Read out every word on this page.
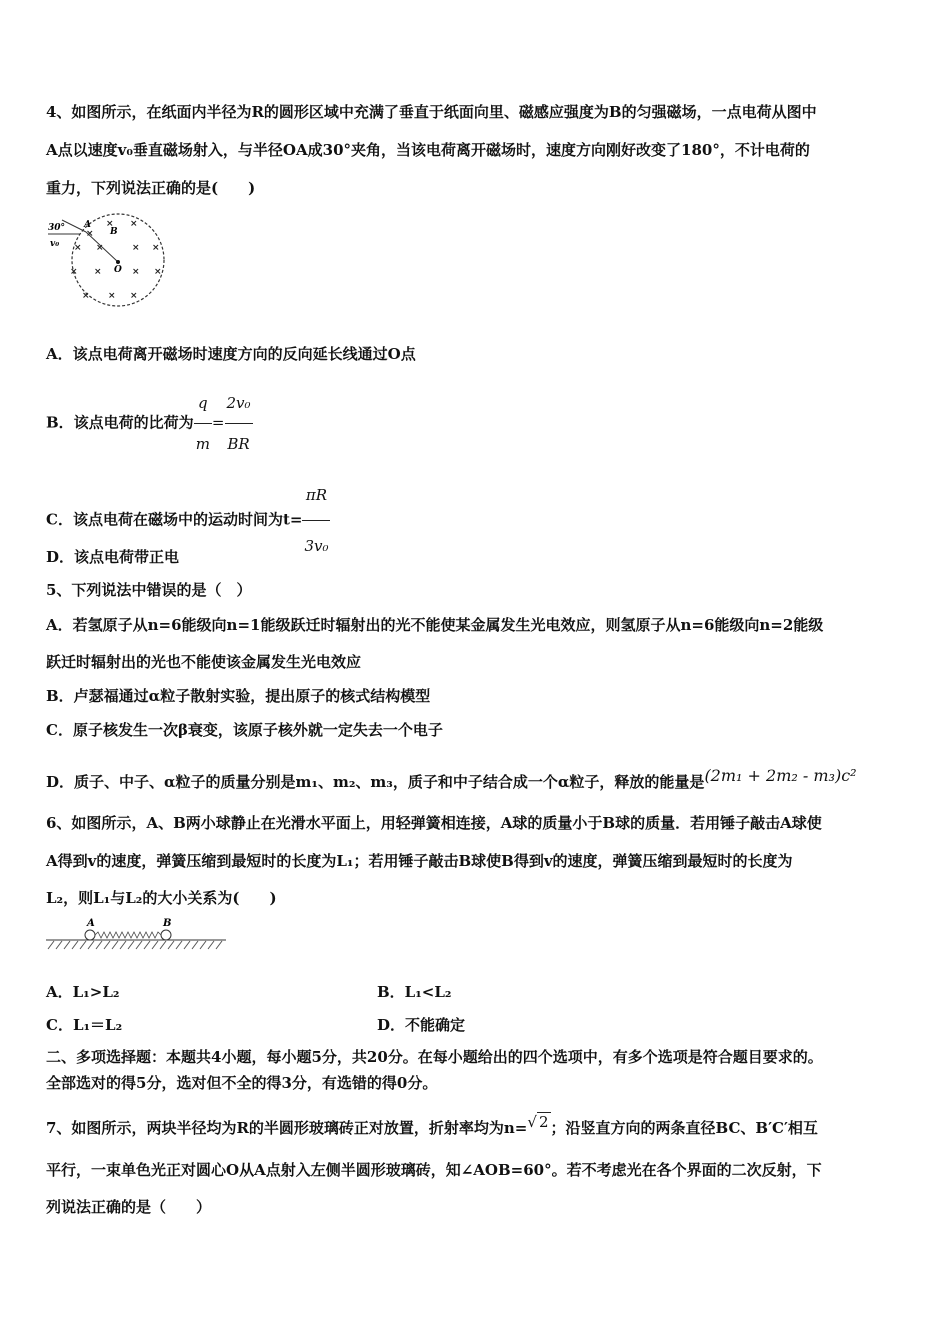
4、如图所示，在纸面内半径为R的圆形区域中充满了垂直于纸面向里、磁感应强度为B的匀强磁场，一点电荷从图中
A点以速度v₀垂直磁场射入，与半径OA成30°夹角，当该电荷离开磁场时，速度方向刚好改变了180°，不计电荷的
重力，下列说法正确的是(　　)
×
× ×
× ×	× ×
× ×	× ×
× × ×
30°
v₀
A
B
O
A．该点电荷离开磁场时速度方向的反向延长线通过O点
B．该点电荷的比荷为 $\frac{q}{m} = \frac{\text{2v₀}}{BR}$
C．该点电荷在磁场中的运动时间为$t= \frac{\pi R}{\text{3v₀}}$
D．该点电荷带正电
5、下列说法中错误的是（　）
A．若氢原子从n=6能级向n=1能级跃迁时辐射出的光不能使某金属发生光电效应，则氢原子从n=6能级向n=2能级
跃迁时辐射出的光也不能使该金属发生光电效应
B．卢瑟福通过α粒子散射实验，提出原子的核式结构模型
C．原子核发生一次β衰变，该原子核外就一定失去一个电子
D．质子、中子、α粒子的质量分别是m₁、m₂、m₃，质子和中子结合成一个α粒子，释放的能量是(2m₁ + 2m₂ - m₃)c²
6、如图所示，A、B两小球静止在光滑水平面上，用轻弹簧相连接，A球的质量小于B球的质量．若用锤子敲击A球使
A得到v的速度，弹簧压缩到最短时的长度为L₁；若用锤子敲击B球使B得到v的速度，弹簧压缩到最短时的长度为
L₂，则L₁与L₂的大小关系为(　　)
A	B
A．L₁>L₂	B．L₁<L₂
C．L₁＝L₂	D．不能确定
二、多项选择题：本题共4小题，每小题5分，共20分。在每小题给出的四个选项中，有多个选项是符合题目要求的。
全部选对的得5分，选对但不全的得3分，有选错的得0分。
7、如图所示，两块半径均为R的半圆形玻璃砖正对放置，折射率均为n=√ 2 ；沿竖直方向的两条直径BC、B′C′相互
平行，一束单色光正对圆心O从A点射入左侧半圆形玻璃砖，知∠AOB=60°。若不考虑光在各个界面的二次反射，下
列说法正确的是（　　）
